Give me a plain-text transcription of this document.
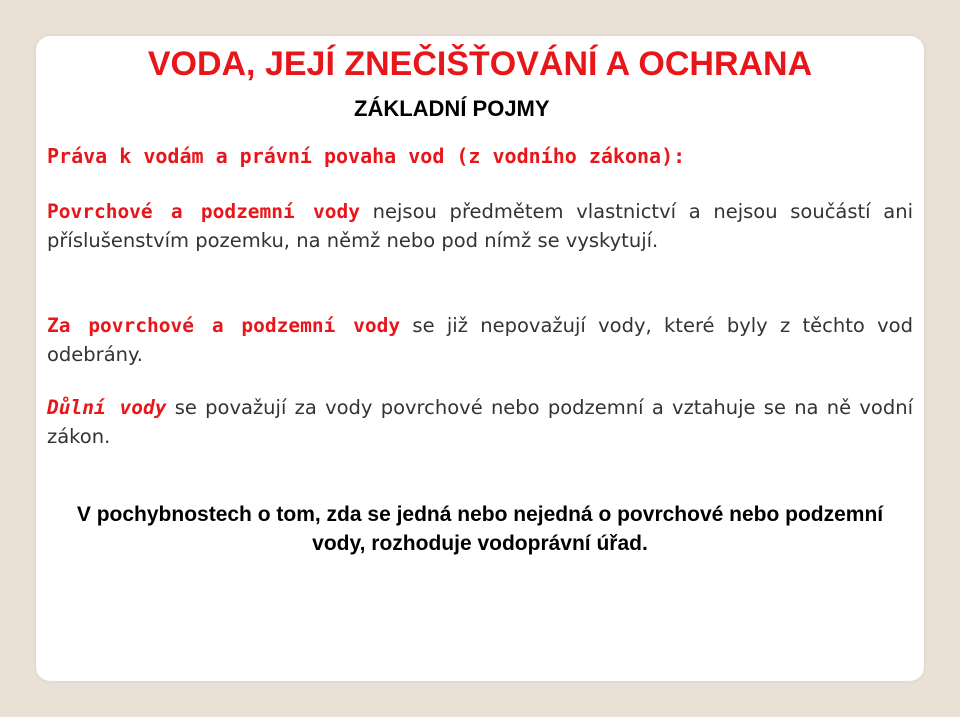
VODA, JEJÍ ZNEČIŠŤOVÁNÍ A OCHRANA
ZÁKLADNÍ POJMY

Práva k vodám a právní povaha vod (z vodního zákona):

Povrchové a podzemní vody nejsou předmětem vlastnictví a nejsou součástí ani příslušenstvím pozemku, na němž nebo pod nímž se vyskytují.

Za povrchové a podzemní vody se již nepovažují vody, které byly z těchto vod odebrány.

Důlní vody se považují za vody povrchové nebo podzemní a vztahuje se na ně vodní zákon.

V pochybnostech o tom, zda se jedná nebo nejedná o povrchové nebo podzemní vody, rozhoduje vodoprávní úřad.
